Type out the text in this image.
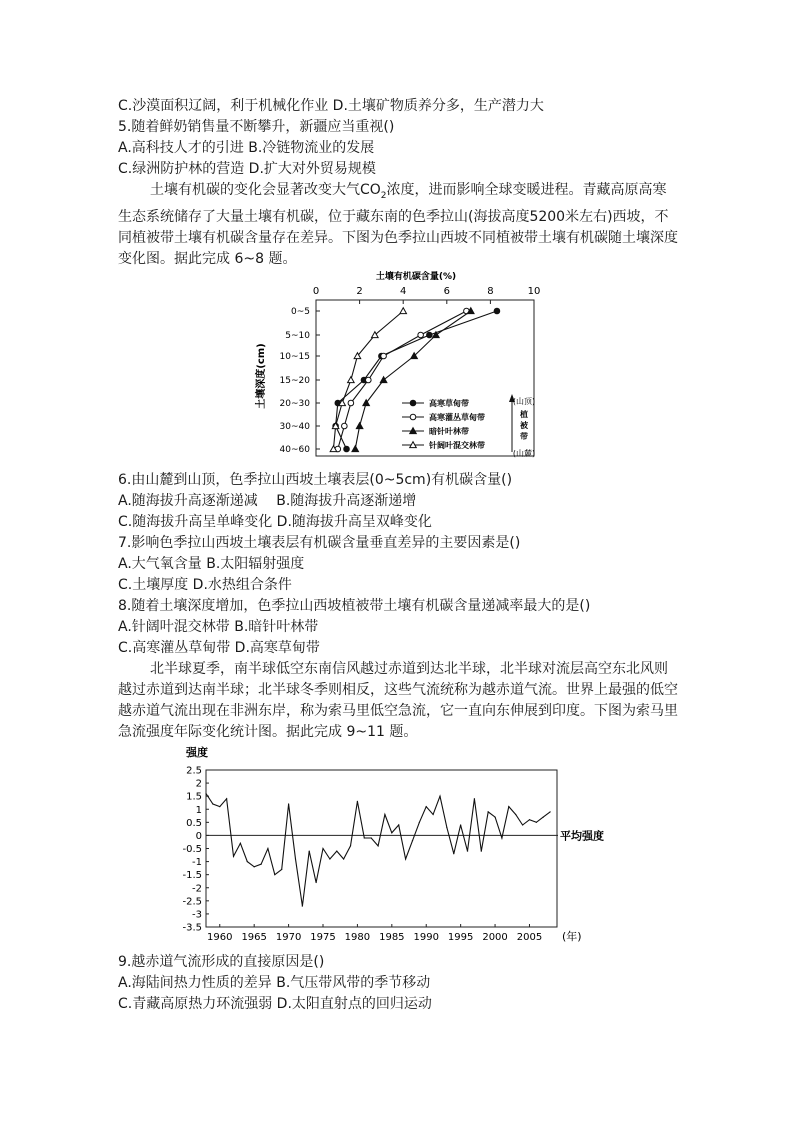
C.沙漠面积辽阔，利于机械化作业 D.土壤矿物质养分多，生产潜力大
5.随着鲜奶销售量不断攀升，新疆应当重视()
A.高科技人才的引进 B.冷链物流业的发展
C.绿洲防护林的营造 D.扩大对外贸易规模
土壤有机碳的变化会显著改变大气$CO_2$浓度，进而影响全球变暖进程。青藏高原高寒生态系统储存了大量土壤有机碳，位于藏东南的色季拉山(海拔高度5200米左右)西坡，不同植被带土壤有机碳含量存在差异。下图为色季拉山西坡不同植被带土壤有机碳随土壤深度变化图。据此完成 6~8 题。
土壤有机碳含量(%)
0	2	4	6	8	10
0~5
5~10
10~15
15~20
20~30
30~40
40~60
土壤深度(cm)	高寒草甸带
高寒灌丛草甸带
暗针叶林带
针阔叶混交林带
(山顶)
植
被
带
(山麓)
6.由山麓到山顶，色季拉山西坡土壤表层(0~5cm)有机碳含量()
A.随海拔升高逐渐递减　 B.随海拔升高逐渐递增
C.随海拔升高呈单峰变化 D.随海拔升高呈双峰变化
7.影响色季拉山西坡土壤表层有机碳含量垂直差异的主要因素是()
A.大气氧含量 B.太阳辐射强度
C.土壤厚度 D.水热组合条件
8.随着土壤深度增加，色季拉山西坡植被带土壤有机碳含量递减率最大的是()
A.针阔叶混交林带 B.暗针叶林带
C.高寒灌丛草甸带 D.高寒草甸带
北半球夏季，南半球低空东南信风越过赤道到达北半球，北半球对流层高空东北风则越过赤道到达南半球；北半球冬季则相反，这些气流统称为越赤道气流。世界上最强的低空越赤道气流出现在非洲东岸，称为索马里低空急流，它一直向东伸展到印度。下图为索马里急流强度年际变化统计图。据此完成 9~11 题。
强度
2.5
2
1.5
1
0.5
0
-0.5
-1
-1.5
-2
-2.5
-3
-3.5
1960 1965 1970 1975 1980 1985 1990 1995 2000 2005
平均强度
(年)
9.越赤道气流形成的直接原因是()
A.海陆间热力性质的差异 B.气压带风带的季节移动
C.青藏高原热力环流强弱 D.太阳直射点的回归运动
